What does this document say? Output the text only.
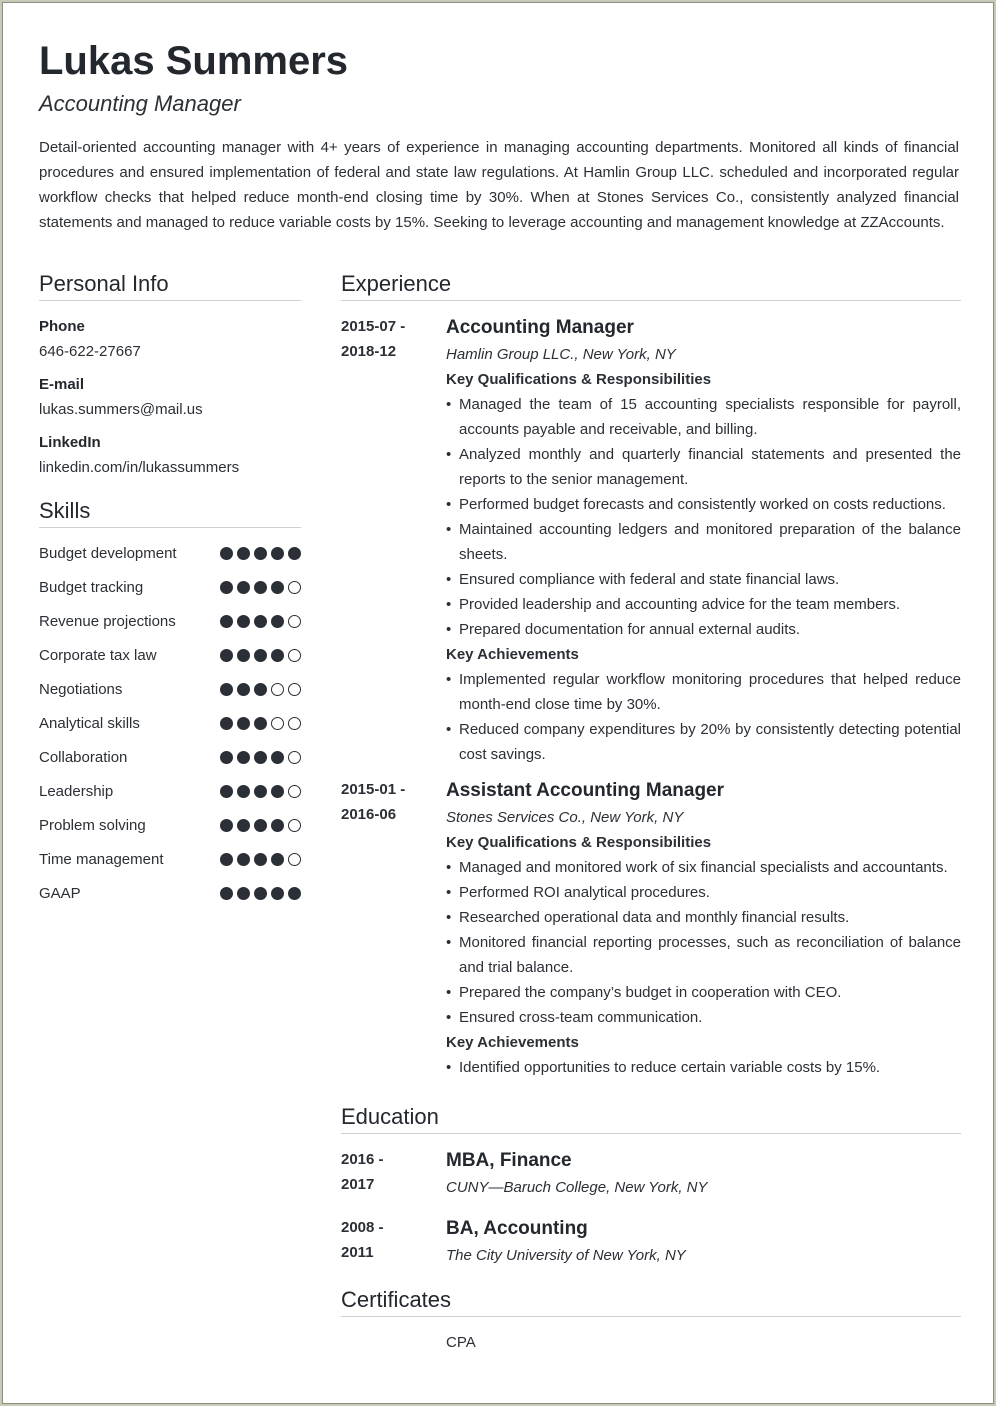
Lukas Summers
Accounting Manager
Detail-oriented accounting manager with 4+ years of experience in managing accounting departments. Monitored all kinds of financial procedures and ensured implementation of federal and state law regulations. At Hamlin Group LLC. scheduled and incorporated regular workflow checks that helped reduce month-end closing time by 30%. When at Stones Services Co., consistently analyzed financial statements and managed to reduce variable costs by 15%. Seeking to leverage accounting and management knowledge at ZZAccounts.
Personal Info
Phone
646-622-27667
E-mail
lukas.summers@mail.us
LinkedIn
linkedin.com/in/lukassummers
Skills
Budget development
Budget tracking
Revenue projections
Corporate tax law
Negotiations
Analytical skills
Collaboration
Leadership
Problem solving
Time management
GAAP
Experience
2015-07 -
2018-12
Accounting Manager
Hamlin Group LLC., New York, NY
Key Qualifications & Responsibilities
• Managed the team of 15 accounting specialists responsible for payroll, accounts payable and receivable, and billing.
• Analyzed monthly and quarterly financial statements and presented the reports to the senior management.
• Performed budget forecasts and consistently worked on costs reductions.
• Maintained accounting ledgers and monitored preparation of the balance sheets.
• Ensured compliance with federal and state financial laws.
• Provided leadership and accounting advice for the team members.
• Prepared documentation for annual external audits.
Key Achievements
• Implemented regular workflow monitoring procedures that helped reduce month-end close time by 30%.
• Reduced company expenditures by 20% by consistently detecting potential cost savings.
2015-01 -
2016-06
Assistant Accounting Manager
Stones Services Co., New York, NY
Key Qualifications & Responsibilities
• Managed and monitored work of six financial specialists and accountants.
• Performed ROI analytical procedures.
• Researched operational data and monthly financial results.
• Monitored financial reporting processes, such as reconciliation of balance and trial balance.
• Prepared the company’s budget in cooperation with CEO.
• Ensured cross-team communication.
Key Achievements
• Identified opportunities to reduce certain variable costs by 15%.
Education
2016 -
2017
MBA, Finance
CUNY—Baruch College, New York, NY
2008 -
2011
BA, Accounting
The City University of New York, NY
Certificates
CPA
